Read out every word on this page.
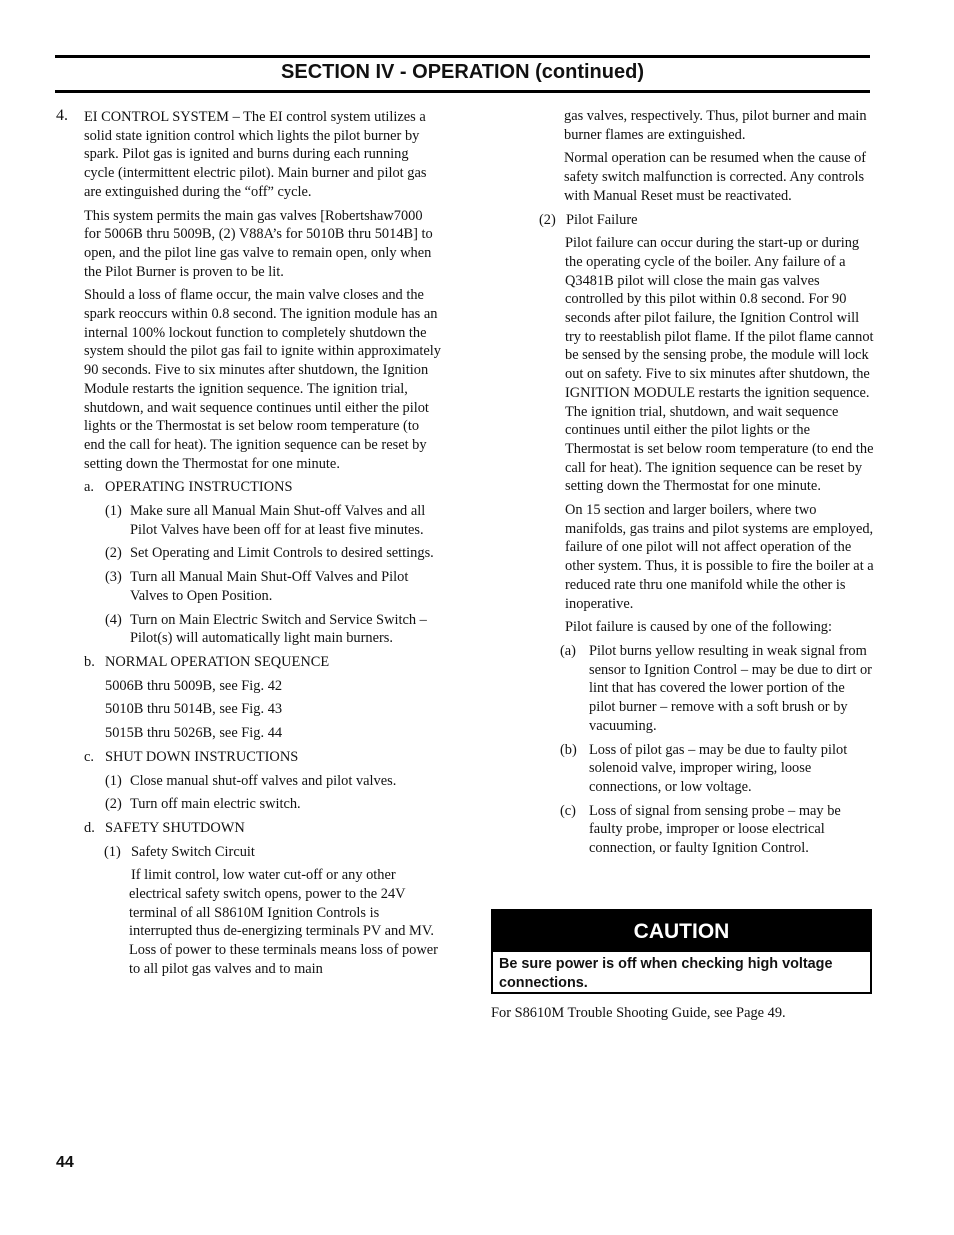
SECTION IV - OPERATION (continued)
4. EI CONTROL SYSTEM – The EI control system utilizes a solid state ignition control which lights the pilot burner by spark. Pilot gas is ignited and burns during each running cycle (intermittent electric pilot). Main burner and pilot gas are extinguished during the “off” cycle.
This system permits the main gas valves [Robertshaw7000 for 5006B thru 5009B, (2) V88A’s for 5010B thru 5014B] to open, and the pilot line gas valve to remain open, only when the Pilot Burner is proven to be lit.
Should a loss of flame occur, the main valve closes and the spark reoccurs within 0.8 second. The ignition module has an internal 100% lockout function to completely shutdown the system should the pilot gas fail to ignite within approximately 90 seconds. Five to six minutes after shutdown, the Ignition Module restarts the ignition sequence. The ignition trial, shutdown, and wait sequence continues until either the pilot lights or the Thermostat is set below room temperature (to end the call for heat). The ignition sequence can be reset by setting down the Thermostat for one minute.
a. OPERATING INSTRUCTIONS
(1) Make sure all Manual Main Shut-off Valves and all Pilot Valves have been off for at least five minutes.
(2) Set Operating and Limit Controls to desired settings.
(3) Turn all Manual Main Shut-Off Valves and Pilot Valves to Open Position.
(4) Turn on Main Electric Switch and Service Switch – Pilot(s) will automatically light main burners.
b. NORMAL OPERATION SEQUENCE
5006B thru 5009B, see Fig. 42
5010B thru 5014B, see Fig. 43
5015B thru 5026B, see Fig. 44
c. SHUT DOWN INSTRUCTIONS
(1) Close manual shut-off valves and pilot valves.
(2) Turn off main electric switch.
d. SAFETY SHUTDOWN
(1) Safety Switch Circuit
If limit control, low water cut-off or any other electrical safety switch opens, power to the 24V terminal of all S8610M Ignition Controls is interrupted thus de-energizing terminals PV and MV. Loss of power to these terminals means loss of power to all pilot gas valves and to main
gas valves, respectively. Thus, pilot burner and main burner flames are extinguished.
Normal operation can be resumed when the cause of safety switch malfunction is corrected. Any controls with Manual Reset must be reactivated.
(2) Pilot Failure
Pilot failure can occur during the start-up or during the operating cycle of the boiler. Any failure of a Q3481B pilot will close the main gas valves controlled by this pilot within 0.8 second. For 90 seconds after pilot failure, the Ignition Control will try to reestablish pilot flame. If the pilot flame cannot be sensed by the sensing probe, the module will lock out on safety. Five to six minutes after shutdown, the IGNITION MODULE restarts the ignition sequence. The ignition trial, shutdown, and wait sequence continues until either the pilot lights or the Thermostat is set below room temperature (to end the call for heat). The ignition sequence can be reset by setting down the Thermostat for one minute.
On 15 section and larger boilers, where two manifolds, gas trains and pilot systems are employed, failure of one pilot will not affect operation of the other system. Thus, it is possible to fire the boiler at a reduced rate thru one manifold while the other is inoperative.
Pilot failure is caused by one of the following:
(a) Pilot burns yellow resulting in weak signal from sensor to Ignition Control – may be due to dirt or lint that has covered the lower portion of the pilot burner – remove with a soft brush or by vacuuming.
(b) Loss of pilot gas – may be due to faulty pilot solenoid valve, improper wiring, loose connections, or low voltage.
(c) Loss of signal from sensing probe – may be faulty probe, improper or loose electrical connection, or faulty Ignition Control.
CAUTION
Be sure power is off when checking high voltage connections.
For S8610M Trouble Shooting Guide, see Page 49.
44
